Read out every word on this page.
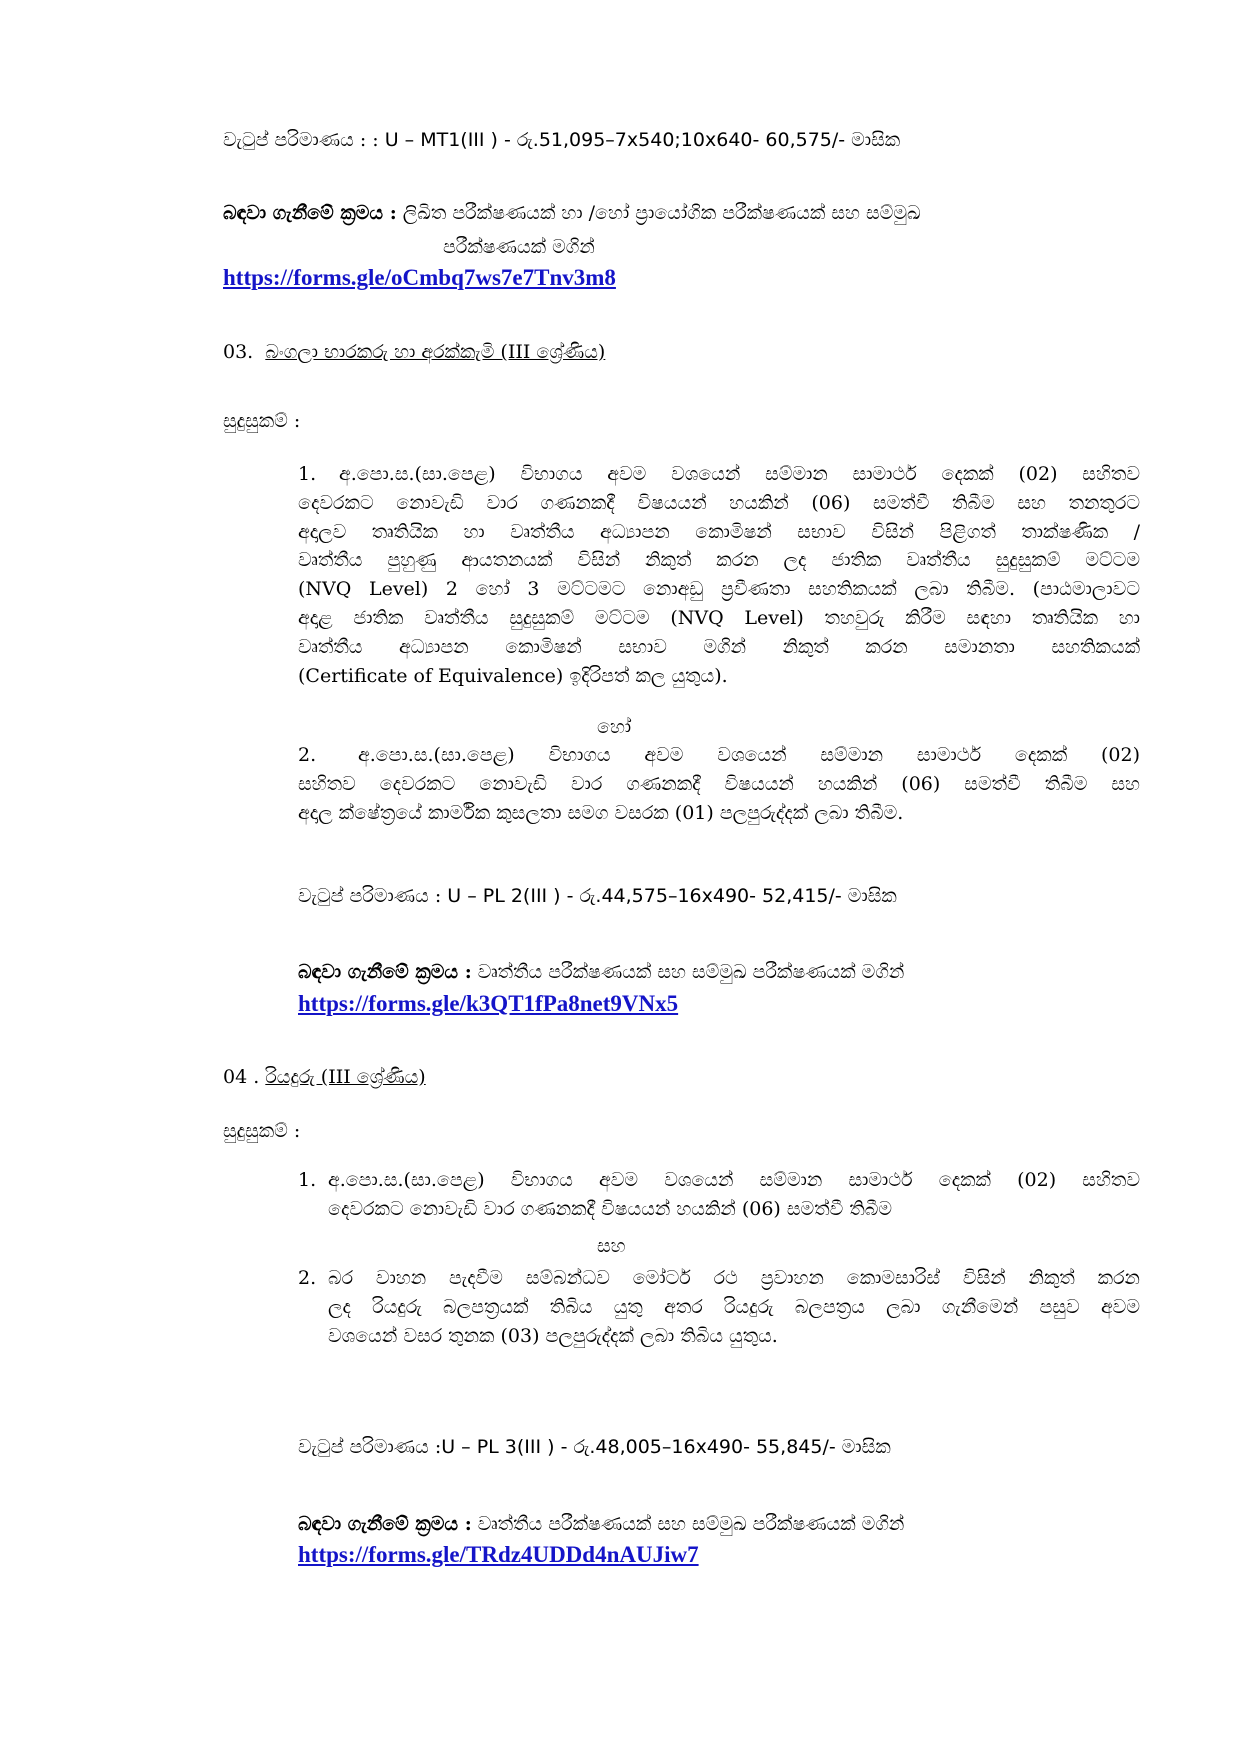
වැටුප් පරිමාණය : : U – MT1(III ) - රු.51,095–7x540;10x640- 60,575/- මාසික
බඳවා ගැනීමේ ක්‍රමය : ලිඛිත පරීක්ෂණයක් හා /හෝ ප්‍රායෝගික පරීක්ෂණයක් සහ සම්මුඛ
පරීක්ෂණයක් මගින්
https://forms.gle/oCmbq7ws7e7Tnv3m8
03. බංගලා භාරකරු හා අරක්කැමි (III ශ්‍රේණිය)
සුදුසුකම් :
1.	අ.පො.ස.(සා.පෙළ) විභාගය අවම වශයෙන් සම්මාන සාමාර්ථ දෙකක් (02) සහිතව
දෙවරකට නොවැඩි වාර ගණනකදී විෂයයන් හයකින් (06) සමත්වී තිබීම සහ තනතුරට
අදාලව තෘතියික හා වෘත්තීය අධ්‍යාපන කොමිෂන් සභාව විසින් පිළිගත් තාක්ෂණික /
වෘත්තීය පුහුණු ආයතනයක් විසින් නිකුත් කරන ලද ජාතික වෘත්තීය සුදුසුකම් මට්ටම
(NVQ Level) 2 හෝ 3 මට්ටමට නොඅඩු ප්‍රවීණතා සහතිකයක් ලබා තිබීම. (පාඨමාලාවට
අදාළ ජාතික වෘත්තීය සුදුසුකම් මට්ටම (NVQ Level) තහවුරු කිරීම සඳහා තෘතියික හා
වෘත්තීය අධ්‍යාපන කොමිෂන් සභාව මගින් නිකුත් කරන සමානතා සහතිකයක්
(Certificate of Equivalence) ඉදිරිපත් කල යුතුය).
හෝ
2.	අ.පො.ස.(සා.පෙළ) විභාගය අවම වශයෙන් සම්මාන සාමාර්ථ දෙකක් (02)
සහිතව දෙවරකට නොවැඩි වාර ගණනකදී විෂයයන් හයකින් (06) සමත්වී තිබීම සහ
අදාල ක්ෂේත්‍රයේ කාර්මික කුසලතා සමග වසරක (01) පලපුරුද්දක් ලබා තිබීම.
වැටුප් පරිමාණය : U – PL 2(III ) - රු.44,575–16x490- 52,415/- මාසික
බඳවා ගැනීමේ ක්‍රමය : වෘත්තීය පරීක්ෂණයක් සහ සම්මුඛ පරීක්ෂණයක් මගින්
https://forms.gle/k3QT1fPa8net9VNx5
04 . රියදුරු (III ශ්‍රේණිය)
සුදුසුකම් :
1. අ.පො.ස.(සා.පෙළ) විභාගය අවම වශයෙන් සම්මාන සාමාර්ථ දෙකක් (02) සහිතව
දෙවරකට නොවැඩි වාර ගණනකදී විෂයයන් හයකින් (06) සමත්වී තිබීම
සහ
2. බර වාහන පැදවීම සම්බන්ධව මෝටර් රථ ප්‍රවාහන කොමසාරිස් විසින් නිකුත් කරන
ලද රියදුරු බලපත්‍රයක් තිබිය යුතු අතර රියදුරු බලපත්‍රය ලබා ගැනීමෙන් පසුව අවම
වශයෙන් වසර තුනක (03) පලපුරුද්දක් ලබා තිබිය යුතුය.
වැටුප් පරිමාණය :U – PL 3(III ) - රු.48,005–16x490- 55,845/- මාසික
බඳවා ගැනීමේ ක්‍රමය : වෘත්තීය පරීක්ෂණයක් සහ සම්මුඛ පරීක්ෂණයක් මගින්
https://forms.gle/TRdz4UDDd4nAUJiw7
